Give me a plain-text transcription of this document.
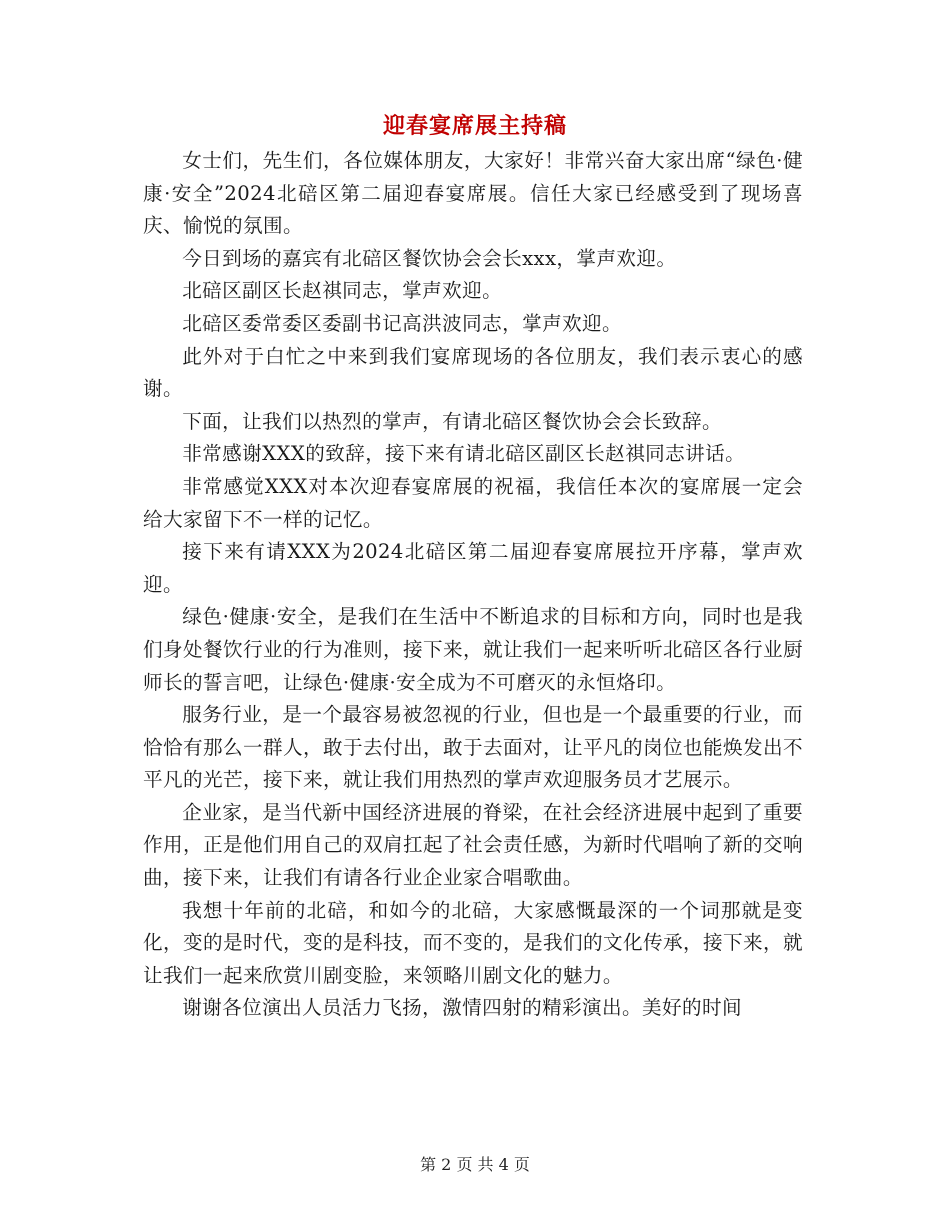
迎春宴席展主持稿

女士们，先生们，各位媒体朋友，大家好！非常兴奋大家出席“绿色·健康·安全”2024北碚区第二届迎春宴席展。信任大家已经感受到了现场喜庆、愉悦的氛围。

今日到场的嘉宾有北碚区餐饮协会会长xxx，掌声欢迎。

北碚区副区长赵祺同志，掌声欢迎。

北碚区委常委区委副书记高洪波同志，掌声欢迎。

此外对于白忙之中来到我们宴席现场的各位朋友，我们表示衷心的感谢。

下面，让我们以热烈的掌声，有请北碚区餐饮协会会长致辞。

非常感谢XXX的致辞，接下来有请北碚区副区长赵祺同志讲话。

非常感觉XXX对本次迎春宴席展的祝福，我信任本次的宴席展一定会给大家留下不一样的记忆。

接下来有请XXX为2024北碚区第二届迎春宴席展拉开序幕，掌声欢迎。

绿色·健康·安全，是我们在生活中不断追求的目标和方向，同时也是我们身处餐饮行业的行为准则，接下来，就让我们一起来听听北碚区各行业厨师长的誓言吧，让绿色·健康·安全成为不可磨灭的永恒烙印。

服务行业，是一个最容易被忽视的行业，但也是一个最重要的行业，而恰恰有那么一群人，敢于去付出，敢于去面对，让平凡的岗位也能焕发出不平凡的光芒，接下来，就让我们用热烈的掌声欢迎服务员才艺展示。

企业家，是当代新中国经济进展的脊梁，在社会经济进展中起到了重要作用，正是他们用自己的双肩扛起了社会责任感，为新时代唱响了新的交响曲，接下来，让我们有请各行业企业家合唱歌曲。

我想十年前的北碚，和如今的北碚，大家感慨最深的一个词那就是变化，变的是时代，变的是科技，而不变的，是我们的文化传承，接下来，就让我们一起来欣赏川剧变脸，来领略川剧文化的魅力。

谢谢各位演出人员活力飞扬，激情四射的精彩演出。美好的时间

第 2 页 共 4 页
